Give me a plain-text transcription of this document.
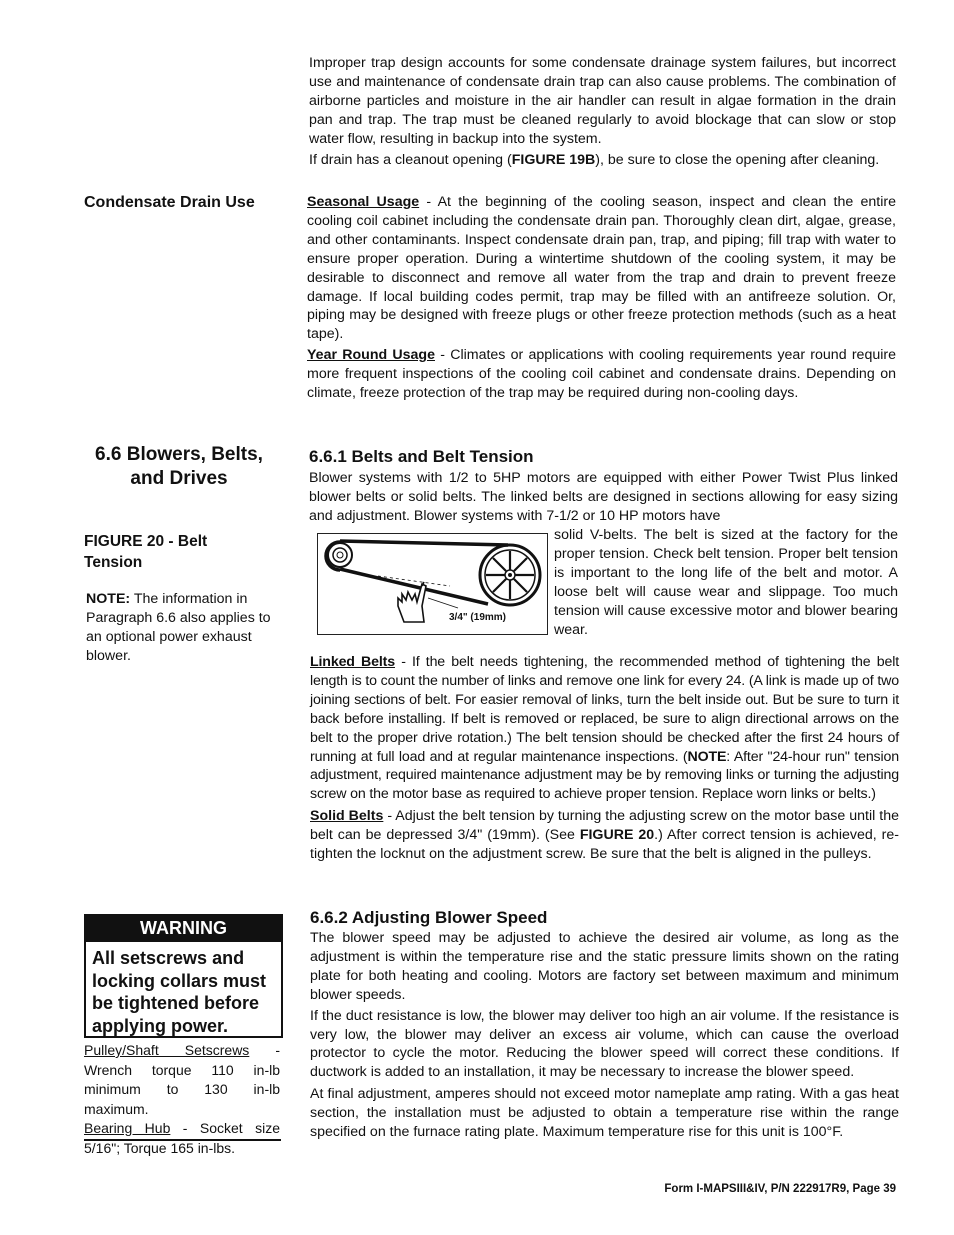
Improper trap design accounts for some condensate drainage system failures, but incorrect use and maintenance of condensate drain trap can also cause problems. The combination of airborne particles and moisture in the air handler can result in algae formation in the drain pan and trap. The trap must be cleaned regularly to avoid blockage that can slow or stop water flow, resulting in backup into the system.

If drain has a cleanout opening (FIGURE 19B), be sure to close the opening after cleaning.

Condensate Drain Use	Seasonal Usage - At the beginning of the cooling season, inspect and clean the entire cooling coil cabinet including the condensate drain pan. Thoroughly clean dirt, algae, grease, and other contaminants. Inspect condensate drain pan, trap, and piping; fill trap with water to ensure proper operation. During a wintertime shutdown of the cooling system, it may be desirable to disconnect and remove all water from the trap and drain to prevent freeze damage. If local building codes permit, trap may be filled with an antifreeze solution. Or, piping may be designed with freeze plugs or other freeze protection methods (such as a heat tape).

Year Round Usage - Climates or applications with cooling requirements year round require more frequent inspections of the cooling coil cabinet and condensate drains. Depending on climate, freeze protection of the trap may be required during non-cooling days.

6.6 Blowers, Belts,
and Drives
FIGURE 20 - Belt
Tension
NOTE: The information in Paragraph 6.6 also applies to an optional power exhaust blower.
6.6.1 Belts and Belt Tension

Blower systems with 1/2 to 5HP motors are equipped with either Power Twist Plus linked blower belts or solid belts. The linked belts are designed in sections allowing for easy sizing and adjustment. Blower systems with 7-1/2 or 10 HP motors have

3/4" (19mm)

solid V-belts. The belt is sized at the factory for the proper tension. Check belt tension. Proper belt tension is important to the long life of the belt and motor. A loose belt will cause wear and slippage. Too much tension will cause excessive motor and blower bearing wear.

Linked Belts - If the belt needs tightening, the recommended method of tightening the belt length is to count the number of links and remove one link for every 24. (A link is made up of two joining sections of belt. For easier removal of links, turn the belt inside out. But be sure to turn it back before installing. If belt is removed or replaced, be sure to align directional arrows on the belt to the proper drive rotation.) The belt tension should be checked after the first 24 hours of running at full load and at regular maintenance inspections. (NOTE: After "24-hour run" tension adjustment, required maintenance adjustment may be by removing links or turning the adjusting screw on the motor base as required to achieve proper tension. Replace worn links or belts.)

Solid Belts - Adjust the belt tension by turning the adjusting screw on the motor base until the belt can be depressed 3/4" (19mm). (See FIGURE 20.) After correct tension is achieved, re-tighten the locknut on the adjustment screw. Be sure that the belt is aligned in the pulleys.

WARNING
All setscrews and locking collars must be tightened before applying power.

Pulley/Shaft Setscrews - Wrench torque 110 in-lb minimum to 130 in-lb maximum.

Bearing Hub - Socket size 5/16"; Torque 165 in-lbs.

6.6.2 Adjusting Blower Speed

The blower speed may be adjusted to achieve the desired air volume, as long as the adjustment is within the temperature rise and the static pressure limits shown on the rating plate for both heating and cooling. Motors are factory set between maximum and minimum blower speeds.

If the duct resistance is low, the blower may deliver too high an air volume. If the resistance is very low, the blower may deliver an excess air volume, which can cause the overload protector to cycle the motor. Reducing the blower speed will correct these conditions. If ductwork is added to an installation, it may be necessary to increase the blower speed.

At final adjustment, amperes should not exceed motor nameplate amp rating. With a gas heat section, the installation must be adjusted to obtain a temperature rise within the range specified on the furnace rating plate. Maximum temperature rise for this unit is 100°F.

Form I-MAPSIII&IV, P/N 222917R9, Page 39
